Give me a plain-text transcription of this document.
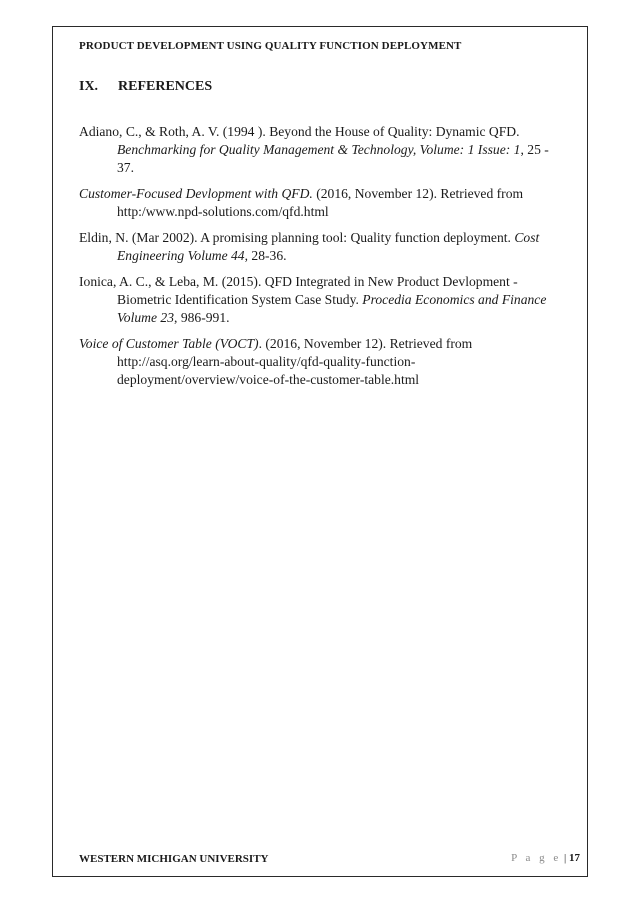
PRODUCT DEVELOPMENT USING QUALITY FUNCTION DEPLOYMENT
IX. REFERENCES

Adiano, C., & Roth, A. V. (1994 ). Beyond the House of Quality: Dynamic QFD.
Benchmarking for Quality Management & Technology, Volume: 1 Issue: 1, 25 - 37.

Customer-Focused Devlopment with QFD. (2016, November 12). Retrieved from http:/www.npd-solutions.com/qfd.html

Eldin, N. (Mar 2002). A promising planning tool: Quality function deployment. Cost Engineering Volume 44, 28-36.

Ionica, A. C., & Leba, M. (2015). QFD Integrated in New Product Devlopment - Biometric Identification System Case Study. Procedia Economics and Finance Volume 23, 986-991.

Voice of Customer Table (VOCT). (2016, November 12). Retrieved from http://asq.org/learn-about-quality/qfd-quality-function-deployment/overview/voice-of-the-customer-table.html

WESTERN MICHIGAN UNIVERSITY	P a g e | 17
